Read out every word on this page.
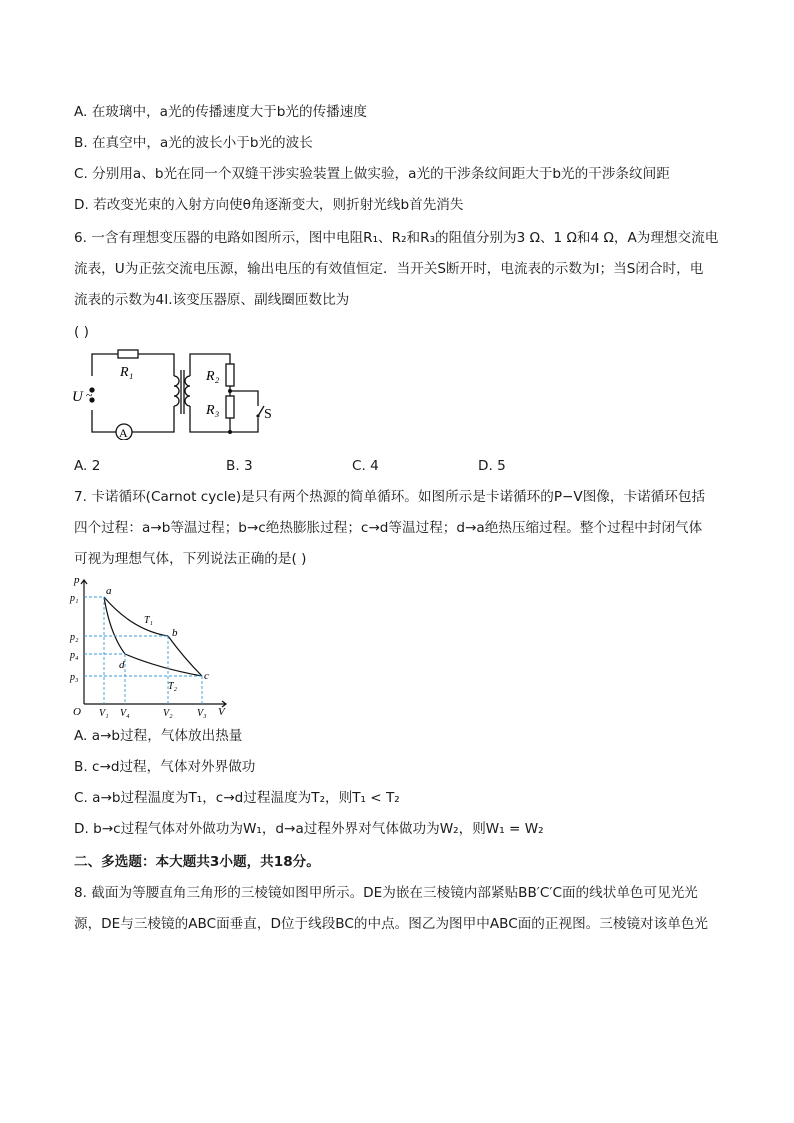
A. 在玻璃中，a光的传播速度大于b光的传播速度
B. 在真空中，a光的波长小于b光的波长
C. 分别用a、b光在同一个双缝干涉实验装置上做实验，a光的干涉条纹间距大于b光的干涉条纹间距
D. 若改变光束的入射方向使θ角逐渐变大，则折射光线b首先消失
6. 一含有理想变压器的电路如图所示，图中电阻R₁、R₂和R₃的阻值分别为3 Ω、1 Ω和4 Ω，A为理想交流电
流表，U为正弦交流电压源，输出电压的有效值恒定．当开关S断开时，电流表的示数为I；当S闭合时，电
流表的示数为4I.该变压器原、副线圈匝数比为
( )
U ~
R₁	R₂
R₃	S
A
A. 2	B. 3	C. 4	D. 5
7. 卡诺循环(Carnot cycle)是只有两个热源的简单循环。如图所示是卡诺循环的P−V图像，卡诺循环包括
四个过程：a→b等温过程；b→c绝热膨胀过程；c→d等温过程；d→a绝热压缩过程。整个过程中封闭气体
可视为理想气体，下列说法正确的是( )
p
V
O
p₁
p₂
p₄
p₃
V₁ V₄	V₂ V₃
a
b
c
d
T₁
T₂
A. a→b过程，气体放出热量
B. c→d过程，气体对外界做功
C. a→b过程温度为T₁，c→d过程温度为T₂，则T₁ < T₂
D. b→c过程气体对外做功为W₁，d→a过程外界对气体做功为W₂，则W₁ = W₂
二、多选题：本大题共3小题，共18分。
8. 截面为等腰直角三角形的三棱镜如图甲所示。DE为嵌在三棱镜内部紧贴BB′C′C面的线状单色可见光光
源，DE与三棱镜的ABC面垂直，D位于线段BC的中点。图乙为图甲中ABC面的正视图。三棱镜对该单色光
